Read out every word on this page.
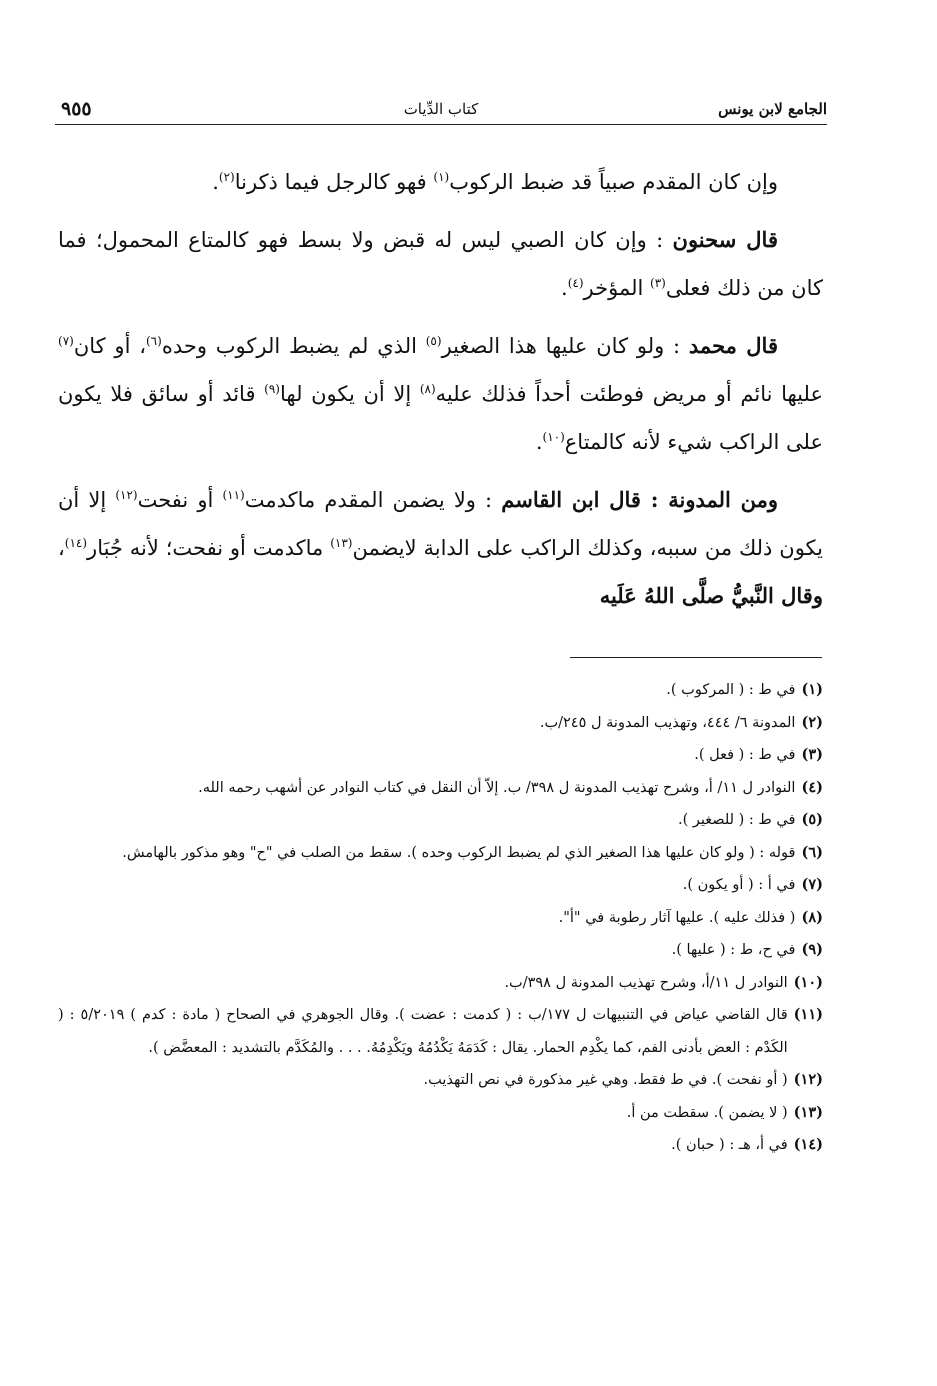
٩٥٥	كتاب الدِّيات	الجامع لابن يونس

وإن كان المقدم صبياً قد ضبط الركوب$^{(١)}$ فهو كالرجل فيما ذكرنا$^{(٢)}$.

قال سحنون : وإن كان الصبي ليس له قبض ولا بسط فهو كالمتاع المحمول؛ فما كان من ذلك فعلى$^{(٣)}$ المؤخر$^{(٤)}$.

قال محمد : ولو كان عليها هذا الصغير$^{(٥)}$ الذي لم يضبط الركوب وحده$^{(٦)}$، أو كان$^{(٧)}$ عليها نائم أو مريض فوطئت أحداً فذلك عليه$^{(٨)}$ إلا أن يكون لها$^{(٩)}$ قائد أو سائق فلا يكون على الراكب شيء لأنه كالمتاع$^{(١٠)}$.

ومن المدونة : قال ابن القاسم : ولا يضمن المقدم ماكدمت$^{(١١)}$ أو نفحت$^{(١٢)}$ إلا أن يكون ذلك من سببه، وكذلك الراكب على الدابة لايضمن$^{(١٣)}$ ماكدمت أو نفحت؛ لأنه جُبَار$^{(١٤)}$، وقال النَّبيُّ صلَّى اللهُ عَلَيه

(١)
في ط : ( المركوب ).
(٢)
المدونة ٦/ ٤٤٤، وتهذيب المدونة ل ٢٤٥/ب.
(٣)
في ط : ( فعل ).
(٤)
النوادر ل ١١/ أ، وشرح تهذيب المدونة ل ٣٩٨/ ب. إلاّ أن النقل في كتاب النوادر عن أشهب رحمه الله.
(٥)
في ط : ( للصغير ).
(٦)
قوله : ( ولو كان عليها هذا الصغير الذي لم يضبط الركوب وحده ). سقط من الصلب في "ح" وهو مذكور بالهامش.
(٧)
في أ : ( أو يكون ).
(٨)
( فذلك عليه ). عليها آثار رطوبة في "أ".
(٩)
في ح، ط : ( عليها ).
(١٠)
النوادر ل ١١/أ، وشرح تهذيب المدونة ل ٣٩٨/ب.
(١١)
قال القاضي عياض في التنبيهات ل ١٧٧/ب : ( كدمت : عضت ). وقال الجوهري في الصحاح ( مادة : كدم ) ٥/٢٠١٩ : ( الكَدْم : العض بأدنى الفم، كما يكْدِم الحمار. يقال : كَدَمَهُ يَكْدُمُهُ ويَكْدِمُهُ. . . . والمُكَدَّم بالتشديد : المعضَّض ).
(١٢)
( أو نفحت ). في ط فقط. وهي غير مذكورة في نص التهذيب.
(١٣)
( لا يضمن ). سقطت من أ.
(١٤)
في أ، هـ : ( حبان ).
